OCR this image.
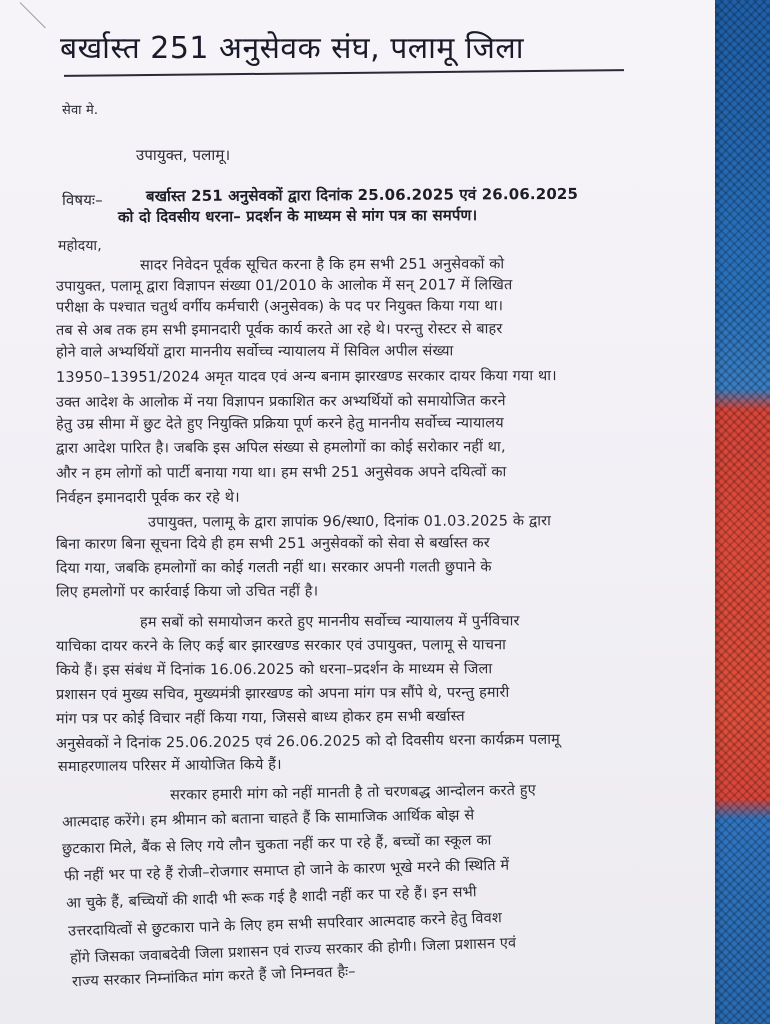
बर्खास्त 251 अनुसेवक संघ, पलामू जिला
सेवा मे.
उपायुक्त, पलामू।
विषयः–	बर्खास्त 251 अनुसेवकों द्वारा दिनांक 25.06.2025 एवं 26.06.2025
को दो दिवसीय धरना– प्रदर्शन के माध्यम से मांग पत्र का समर्पण।
महोदया,
सादर निवेदन पूर्वक सूचित करना है कि हम सभी 251 अनुसेवकों को
उपायुक्त, पलामू द्वारा विज्ञापन संख्या 01/2010 के आलोक में सन् 2017 में लिखित
परीक्षा के पश्चात चतुर्थ वर्गीय कर्मचारी (अनुसेवक) के पद पर नियुक्त किया गया था।
तब से अब तक हम सभी इमानदारी पूर्वक कार्य करते आ रहे थे। परन्तु रोस्टर से बाहर
होने वाले अभ्यर्थियों द्वारा माननीय सर्वोच्च न्यायालय में सिविल अपील संख्या
13950–13951/2024 अमृत यादव एवं अन्य बनाम झारखण्ड सरकार दायर किया गया था।
उक्त आदेश के आलोक में नया विज्ञापन प्रकाशित कर अभ्यर्थियों को समायोजित करने
हेतु उम्र सीमा में छुट देते हुए नियुक्ति प्रक्रिया पूर्ण करने हेतु माननीय सर्वोच्च न्यायालय
द्वारा आदेश पारित है। जबकि इस अपिल संख्या से हमलोगों का कोई सरोकार नहीं था,
और न हम लोगों को पार्टी बनाया गया था। हम सभी 251 अनुसेवक अपने दयित्वों का
निर्वहन इमानदारी पूर्वक कर रहे थे।
उपायुक्त, पलामू के द्वारा ज्ञापांक 96/स्था0, दिनांक 01.03.2025 के द्वारा
बिना कारण बिना सूचना दिये ही हम सभी 251 अनुसेवकों को सेवा से बर्खास्त कर
दिया गया, जबकि हमलोगों का कोई गलती नहीं था। सरकार अपनी गलती छुपाने के
लिए हमलोगों पर कार्रवाई किया जो उचित नहीं है।
हम सबों को समायोजन करते हुए माननीय सर्वोच्च न्यायालय में पुर्नविचार
याचिका दायर करने के लिए कई बार झारखण्ड सरकार एवं उपायुक्त, पलामू से याचना
किये हैं। इस संबंध में दिनांक 16.06.2025 को धरना–प्रदर्शन के माध्यम से जिला
प्रशासन एवं मुख्य सचिव, मुख्यमंत्री झारखण्ड को अपना मांग पत्र सौंपे थे, परन्तु हमारी
मांग पत्र पर कोई विचार नहीं किया गया, जिससे बाध्य होकर हम सभी बर्खास्त
अनुसेवकों ने दिनांक 25.06.2025 एवं 26.06.2025 को दो दिवसीय धरना कार्यक्रम पलामू
समाहरणालय परिसर में आयोजित किये हैं।
सरकार हमारी मांग को नहीं मानती है तो चरणबद्ध आन्दोलन करते हुए
आत्मदाह करेंगे। हम श्रीमान को बताना चाहते हैं कि सामाजिक आर्थिक बोझ से
छुटकारा मिले, बैंक से लिए गये लौन चुकता नहीं कर पा रहे हैं, बच्चों का स्कूल का
फी नहीं भर पा रहे हैं रोजी–रोजगार समाप्त हो जाने के कारण भूखे मरने की स्थिति में
आ चुके हैं, बच्चियों की शादी भी रूक गई है शादी नहीं कर पा रहे हैं। इन सभी
उत्तरदायित्वों से छुटकारा पाने के लिए हम सभी सपरिवार आत्मदाह करने हेतु विवश
होंगे जिसका जवाबदेवी जिला प्रशासन एवं राज्य सरकार की होगी। जिला प्रशासन एवं
राज्य सरकार निम्नांकित मांग करते हैं जो निम्नवत हैः–
